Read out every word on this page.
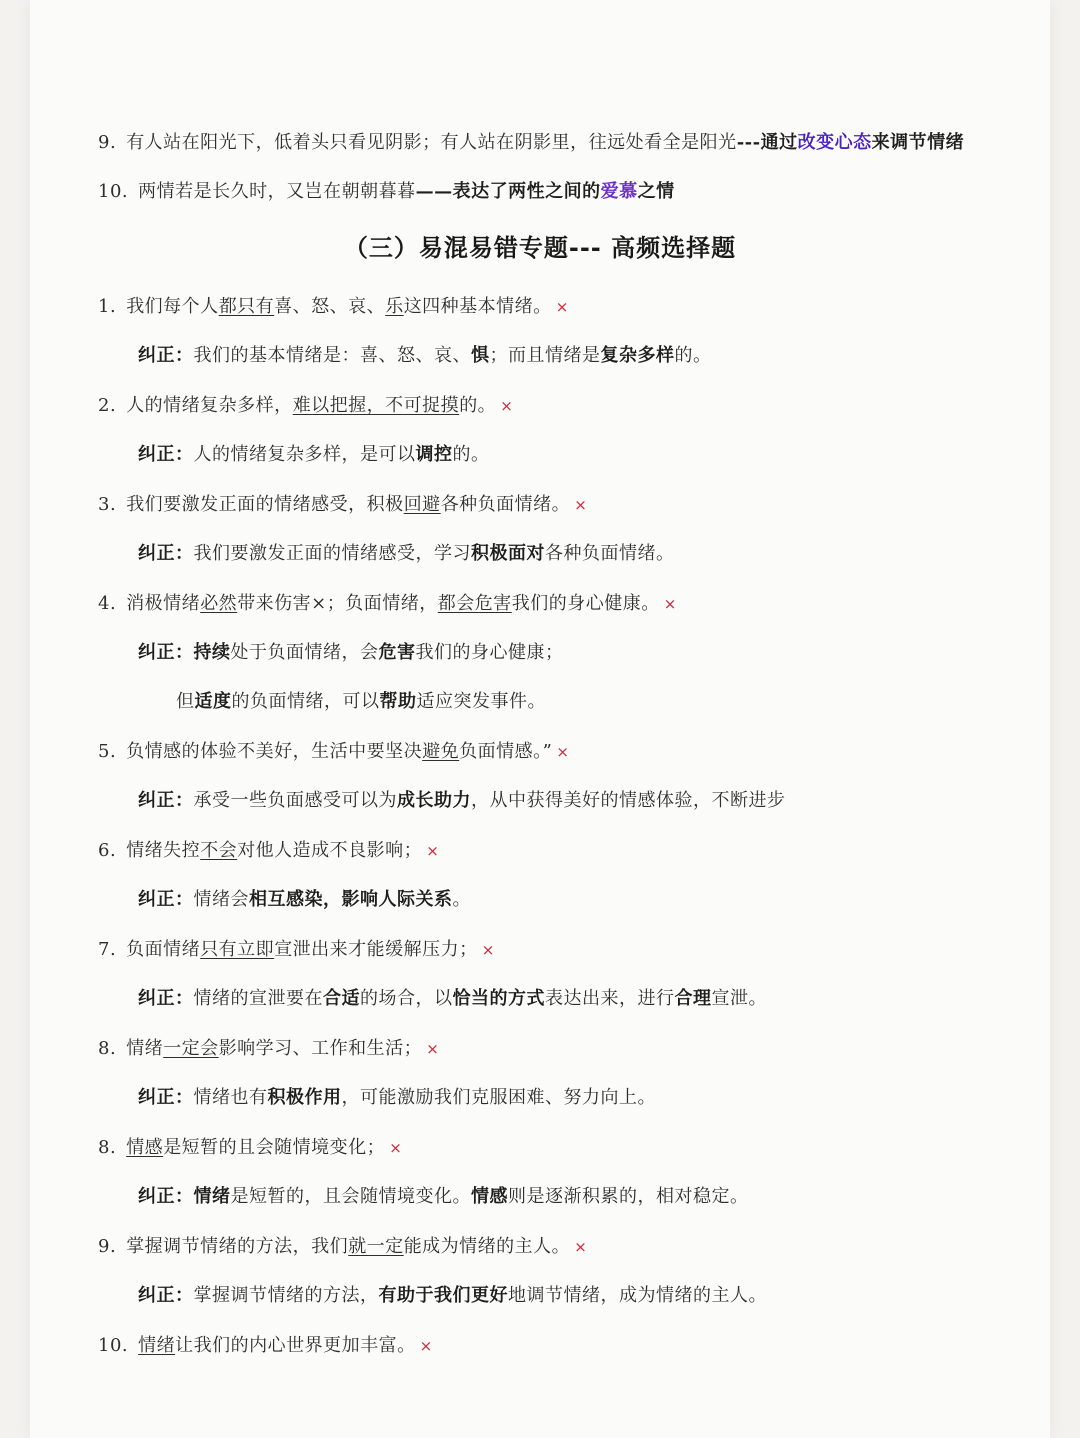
9. 有人站在阳光下，低着头只看见阴影；有人站在阴影里，往远处看全是阳光---通过改变心态来调节情绪
10. 两情若是长久时，又岂在朝朝暮暮——表达了两性之间的爱慕之情
（三）易混易错专题--- 高频选择题
1. 我们每个人都只有喜、怒、哀、乐这四种基本情绪。 ×
纠正：我们的基本情绪是：喜、怒、哀、惧；而且情绪是复杂多样的。
2. 人的情绪复杂多样，难以把握，不可捉摸的。 ×
纠正：人的情绪复杂多样，是可以调控的。
3. 我们要激发正面的情绪感受，积极回避各种负面情绪。 ×
纠正：我们要激发正面的情绪感受，学习积极面对各种负面情绪。
4. 消极情绪必然带来伤害×；负面情绪，都会危害我们的身心健康。 ×
纠正：持续处于负面情绪，会危害我们的身心健康；
但适度的负面情绪，可以帮助适应突发事件。
5. 负情感的体验不美好，生活中要坚决避免负面情感。” ×
纠正：承受一些负面感受可以为成长助力，从中获得美好的情感体验，不断进步
6. 情绪失控不会对他人造成不良影响； ×
纠正：情绪会相互感染，影响人际关系。
7. 负面情绪只有立即宣泄出来才能缓解压力； ×
纠正：情绪的宣泄要在合适的场合，以恰当的方式表达出来，进行合理宣泄。
8. 情绪一定会影响学习、工作和生活； ×
纠正：情绪也有积极作用，可能激励我们克服困难、努力向上。
8. 情感是短暂的且会随情境变化； ×
纠正：情绪是短暂的，且会随情境变化。情感则是逐渐积累的，相对稳定。
9. 掌握调节情绪的方法，我们就一定能成为情绪的主人。 ×
纠正：掌握调节情绪的方法，有助于我们更好地调节情绪，成为情绪的主人。
10. 情绪让我们的内心世界更加丰富。 ×
